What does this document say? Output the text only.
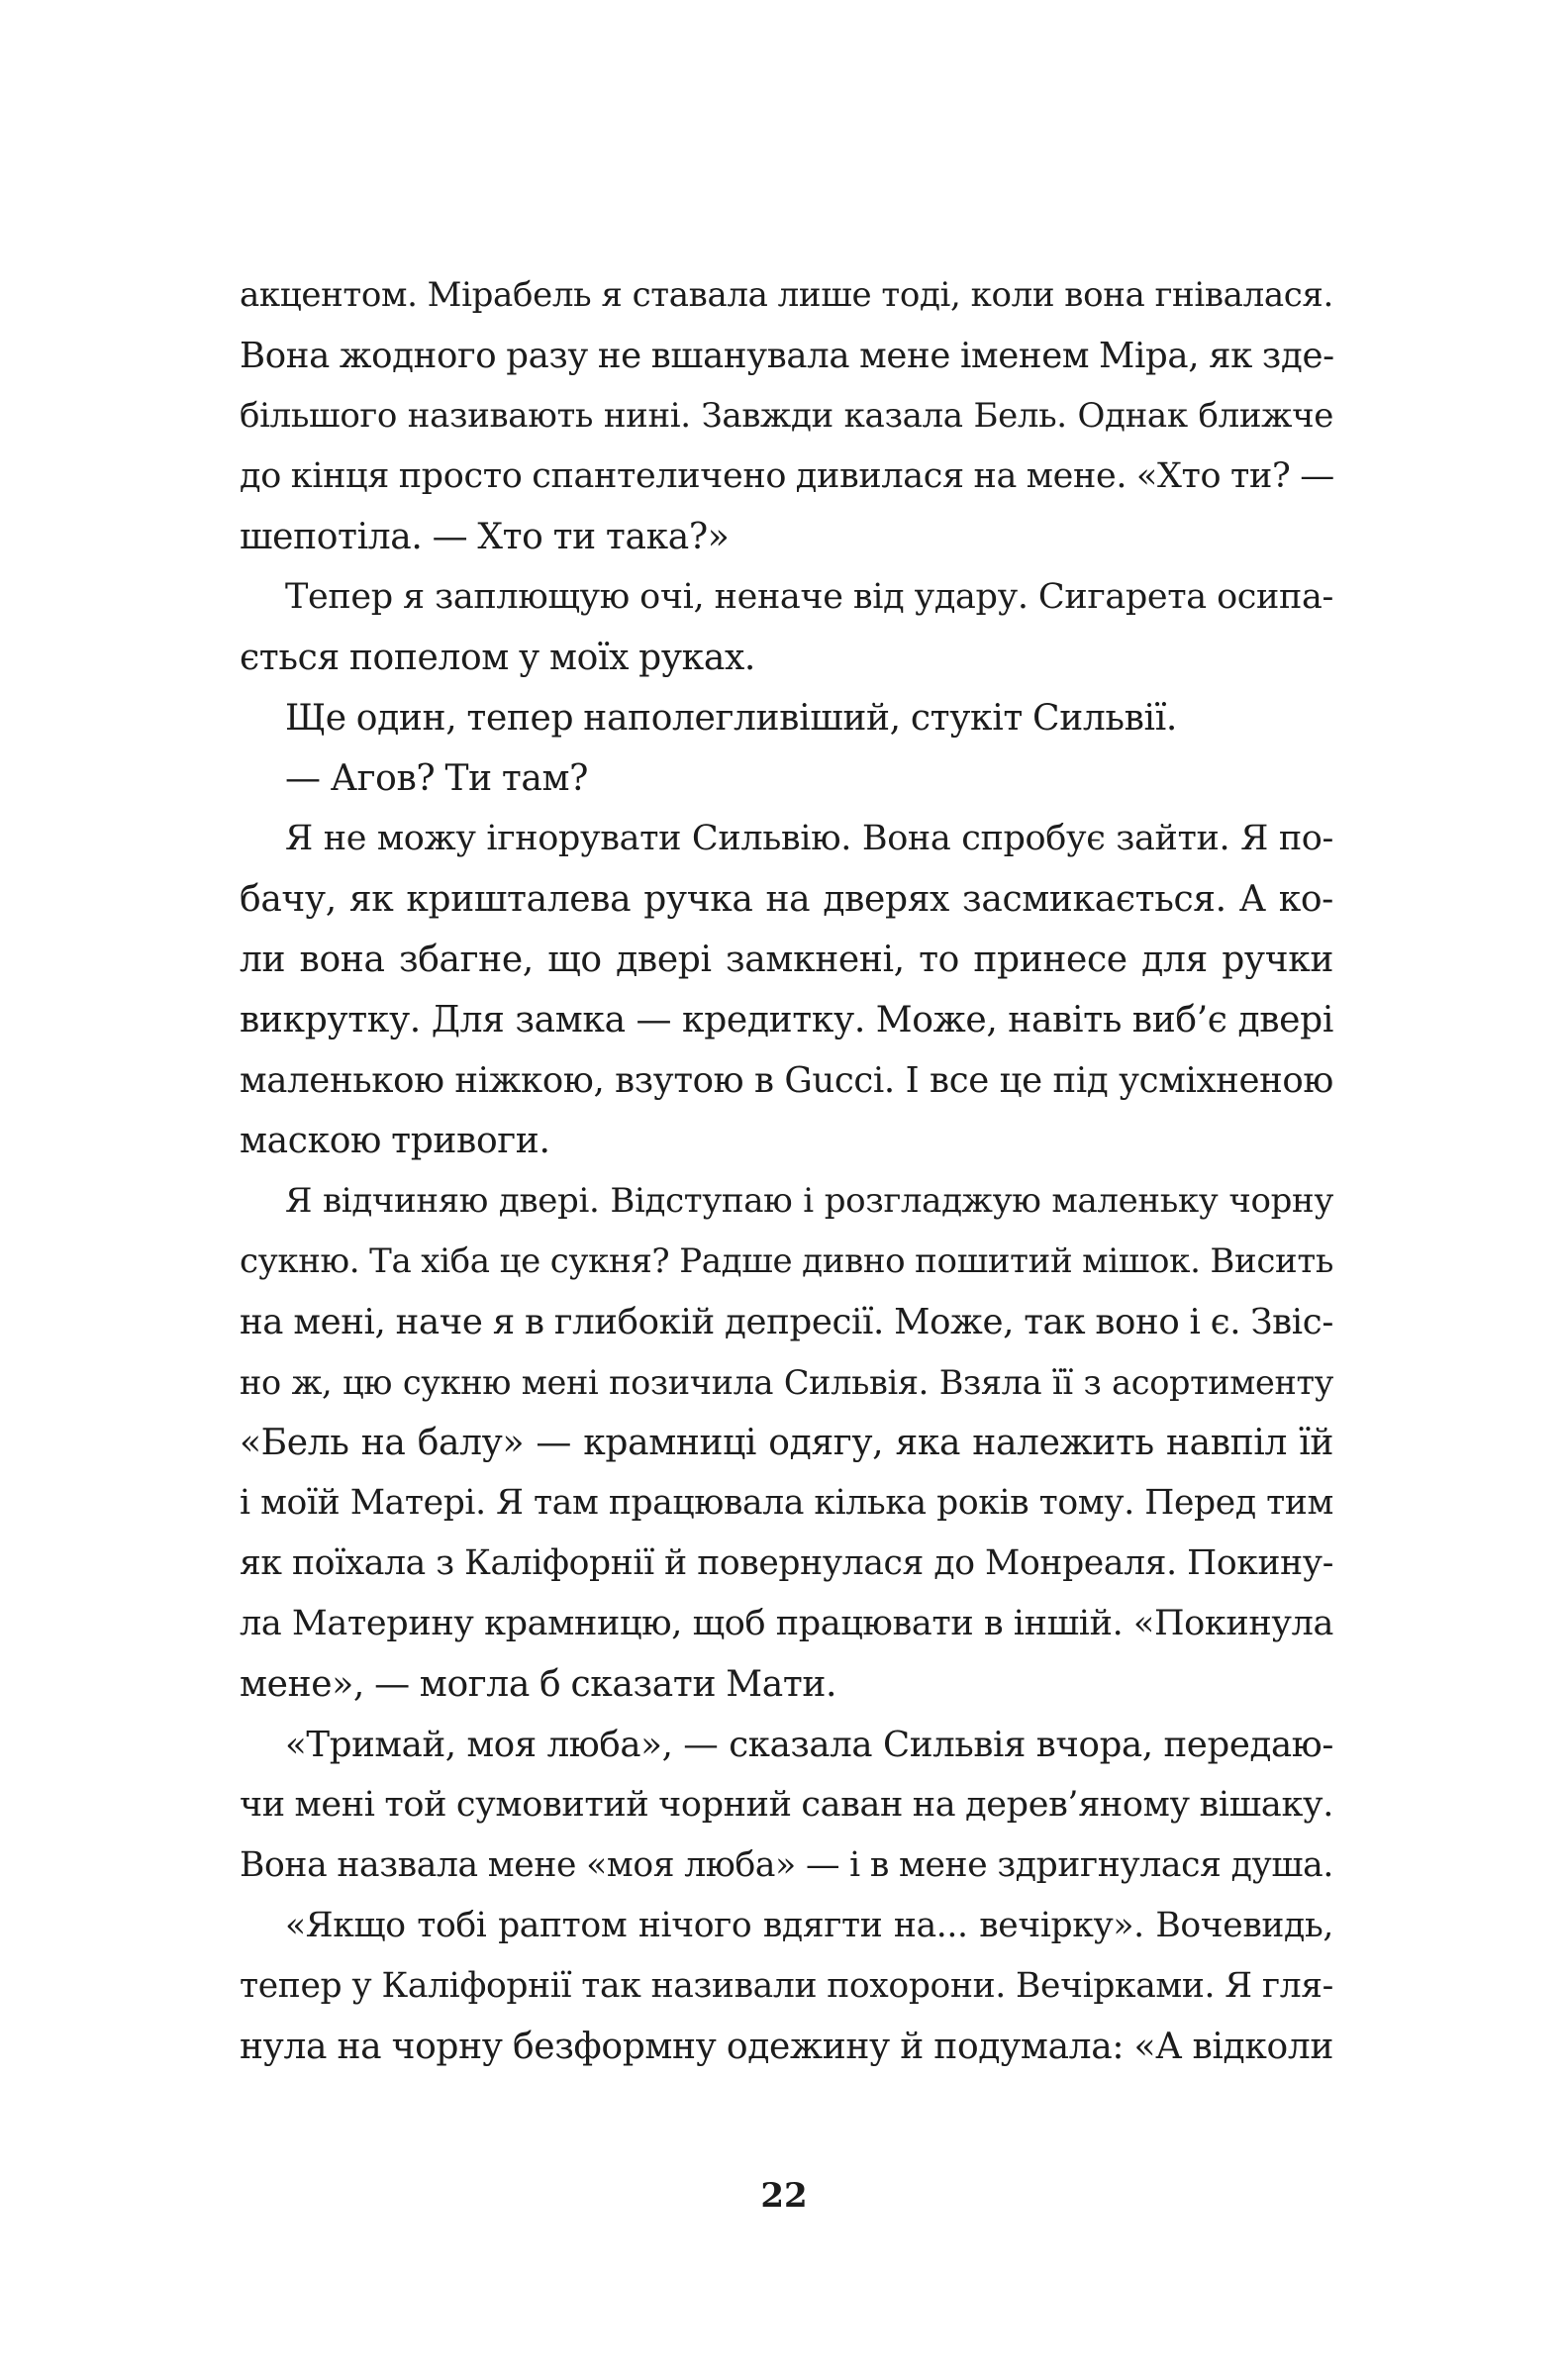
акцентом. Мірабель я ставала лише тоді, коли вона гнівалася.
Вона жодного разу не вшанувала мене іменем Міра, як зде-
більшого називають нині. Завжди казала Бель. Однак ближче
до кінця просто спантеличено дивилася на мене. «Хто ти? —
шепотіла. — Хто ти така?»
Тепер я заплющую очі, неначе від удару. Сигарета осипа-
ється попелом у моїх руках.
Ще один, тепер наполегливіший, стукіт Сильвії.
— Агов? Ти там?
Я не можу ігнорувати Сильвію. Вона спробує зайти. Я по-
бачу, як кришталева ручка на дверях засмикається. А ко-
ли вона збагне, що двері замкнені, то принесе для ручки
викрутку. Для замка — кредитку. Може, навіть виб’є двері
маленькою ніжкою, взутою в Gucci. І все це під усміхненою
маскою тривоги.
Я відчиняю двері. Відступаю і розгладжую маленьку чорну
сукню. Та хіба це сукня? Радше дивно пошитий мішок. Висить
на мені, наче я в глибокій депресії. Може, так воно і є. Звіс-
но ж, цю сукню мені позичила Сильвія. Взяла її з асортименту
«Бель на балу» — крамниці одягу, яка належить навпіл їй
і моїй Матері. Я там працювала кілька років тому. Перед тим
як поїхала з Каліфорнії й повернулася до Монреаля. Покину-
ла Материну крамницю, щоб працювати в іншій. «Покинула
мене», — могла б сказати Мати.
«Тримай, моя люба», — сказала Сильвія вчора, передаю-
чи мені той сумовитий чорний саван на дерев’яному вішаку.
Вона назвала мене «моя люба» — і в мене здригнулася душа.
«Якщо тобі раптом нічого вдягти на... вечірку». Вочевидь,
тепер у Каліфорнії так називали похорони. Вечірками. Я гля-
нула на чорну безформну одежину й подумала: «А відколи
22
